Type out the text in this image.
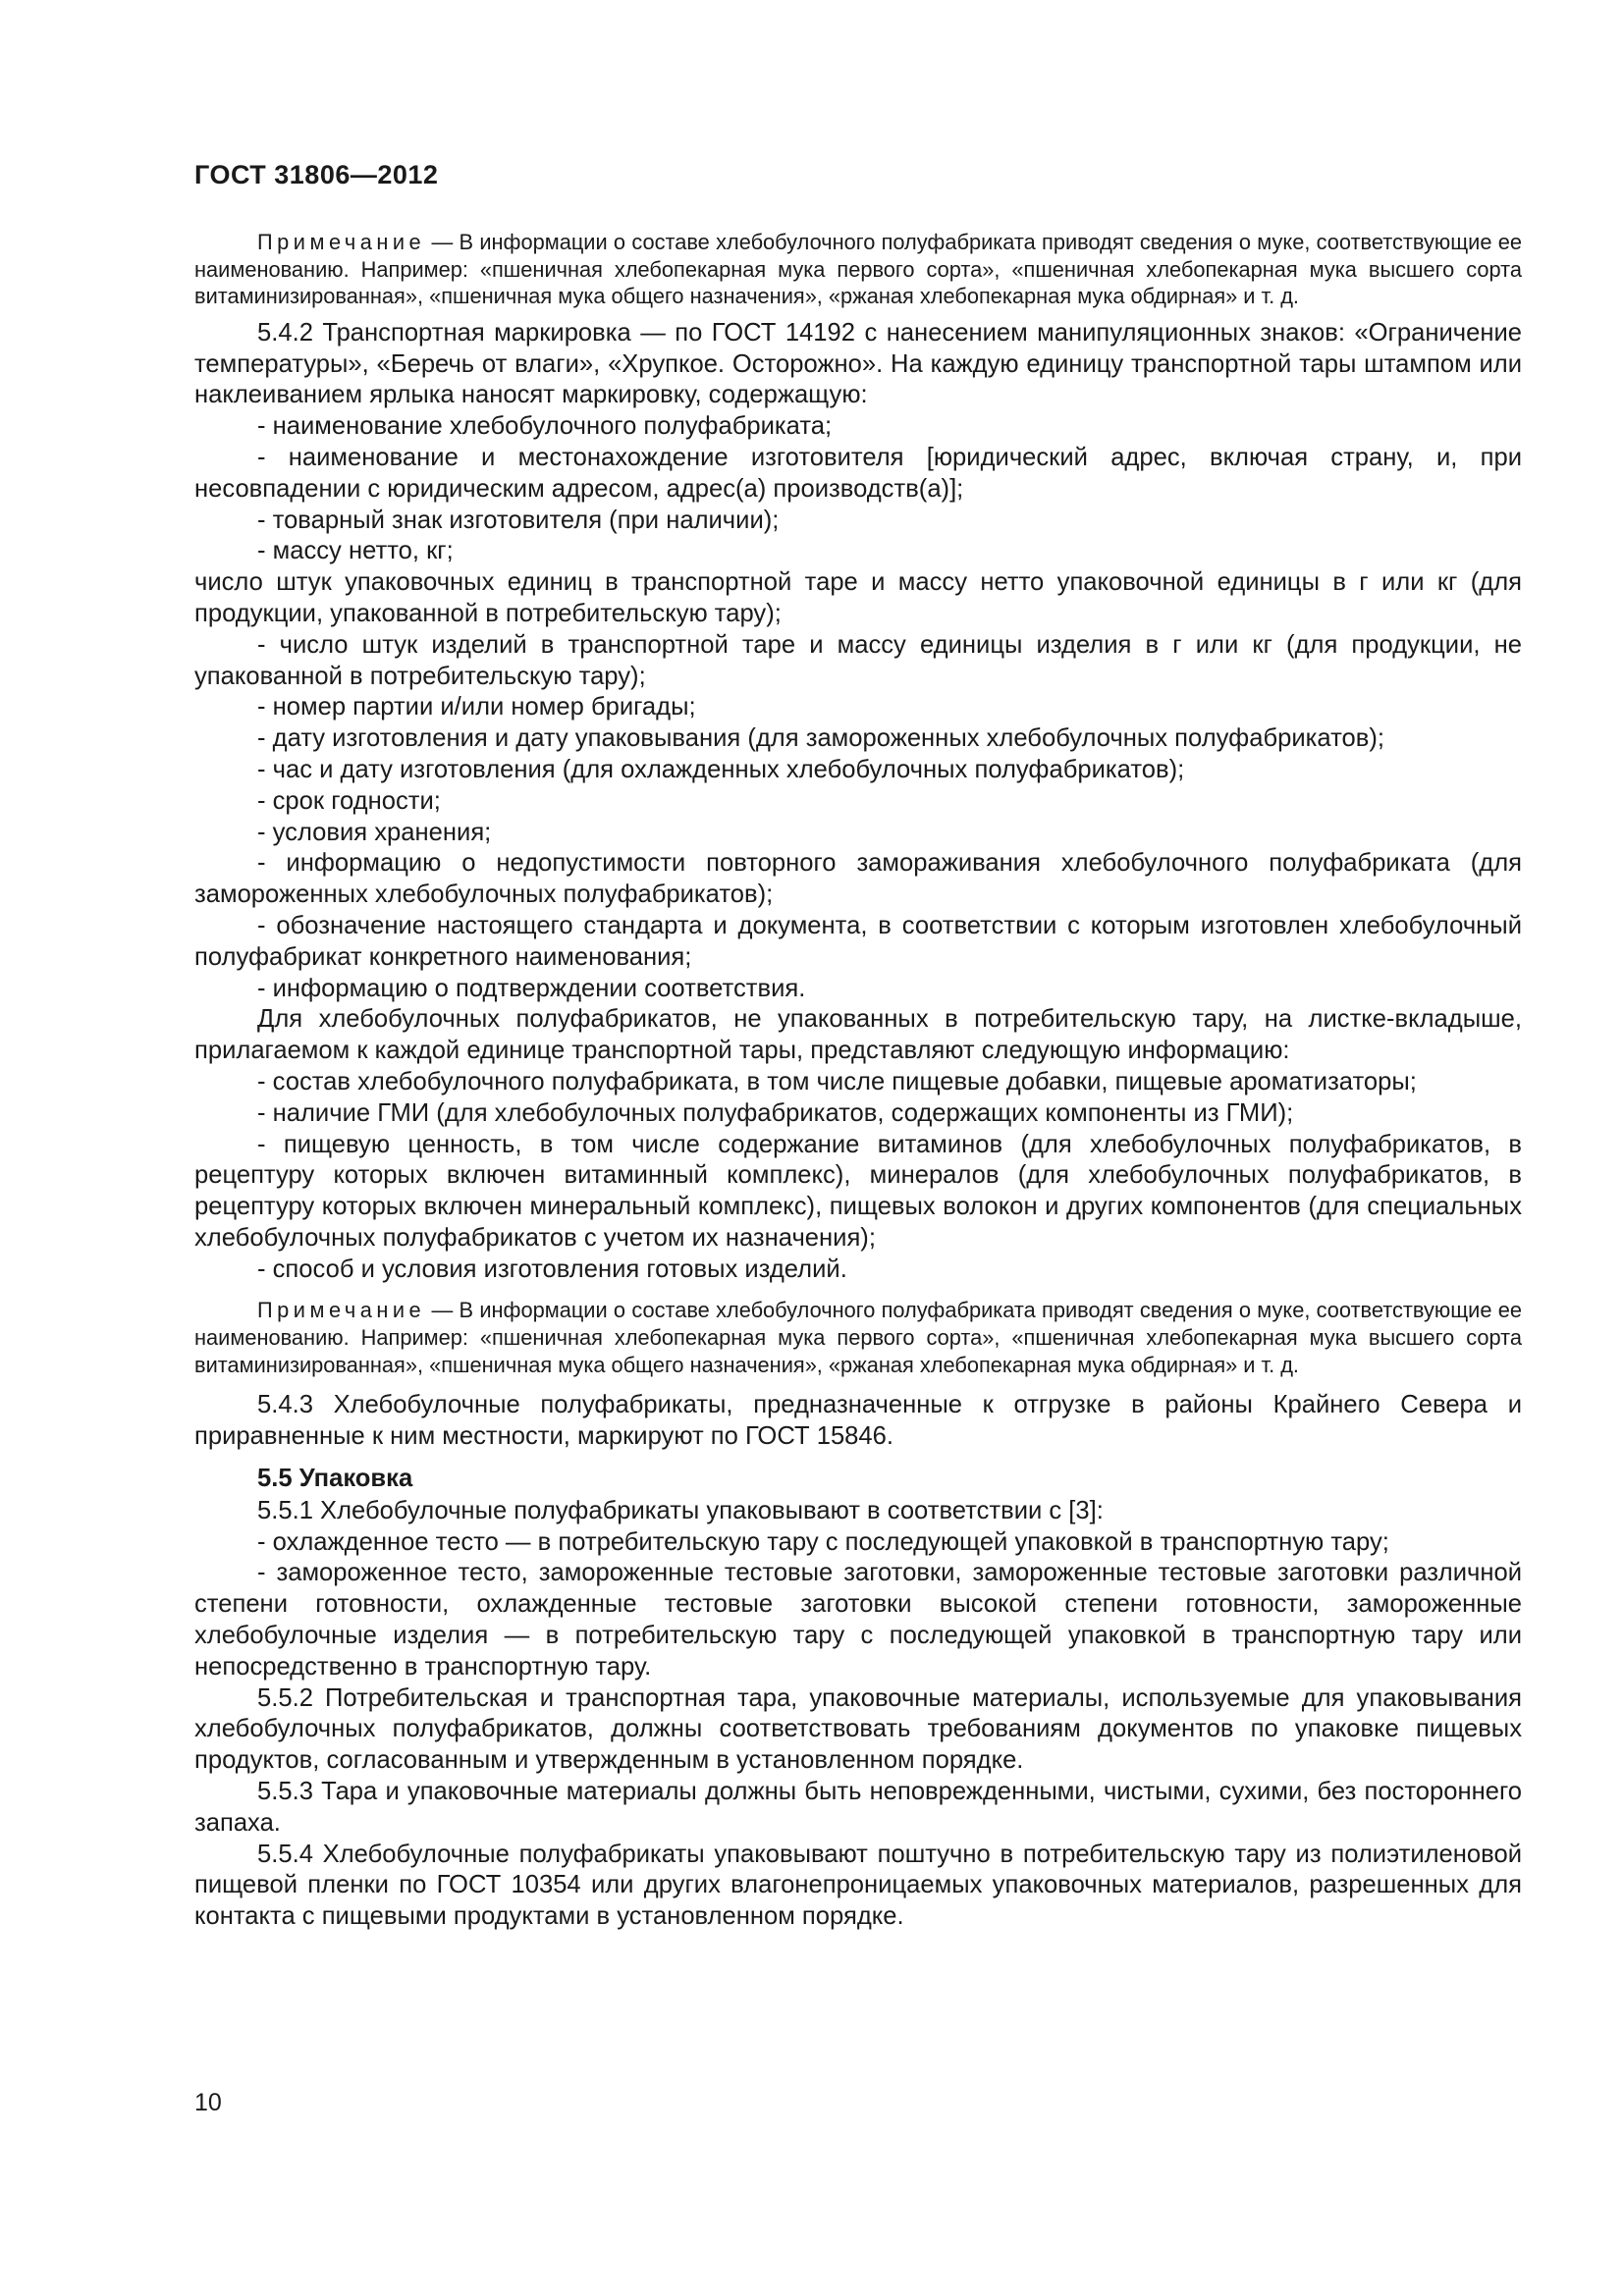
ГОСТ 31806—2012

Примечание — В информации о составе хлебобулочного полуфабриката приводят сведения о муке, соответствующие ее наименованию. Например: «пшеничная хлебопекарная мука первого сорта», «пшеничная хлебопекарная мука высшего сорта витаминизированная», «пшеничная мука общего назначения», «ржаная хлебопекарная мука обдирная» и т. д.

5.4.2 Транспортная маркировка — по ГОСТ 14192 с нанесением манипуляционных знаков: «Ограничение температуры», «Беречь от влаги», «Хрупкое. Осторожно». На каждую единицу транспортной тары штампом или наклеиванием ярлыка наносят маркировку, содержащую:

- наименование хлебобулочного полуфабриката;

- наименование и местонахождение изготовителя [юридический адрес, включая страну, и, при несовпадении с юридическим адресом, адрес(а) производств(а)];

- товарный знак изготовителя (при наличии);

- массу нетто, кг;

число штук упаковочных единиц в транспортной таре и массу нетто упаковочной единицы в г или кг (для продукции, упакованной в потребительскую тару);

- число штук изделий в транспортной таре и массу единицы изделия в г или кг (для продукции, не упакованной в потребительскую тару);

- номер партии и/или номер бригады;

- дату изготовления и дату упаковывания (для замороженных хлебобулочных полуфабрикатов);

- час и дату изготовления (для охлажденных хлебобулочных полуфабрикатов);

- срок годности;

- условия хранения;

- информацию о недопустимости повторного замораживания хлебобулочного полуфабриката (для замороженных хлебобулочных полуфабрикатов);

- обозначение настоящего стандарта и документа, в соответствии с которым изготовлен хлебобулочный полуфабрикат конкретного наименования;

- информацию о подтверждении соответствия.

Для хлебобулочных полуфабрикатов, не упакованных в потребительскую тару, на листке-вкладыше, прилагаемом к каждой единице транспортной тары, представляют следующую информацию:

- состав хлебобулочного полуфабриката, в том числе пищевые добавки, пищевые ароматизаторы;

- наличие ГМИ (для хлебобулочных полуфабрикатов, содержащих компоненты из ГМИ);

- пищевую ценность, в том числе содержание витаминов (для хлебобулочных полуфабрикатов, в рецептуру которых включен витаминный комплекс), минералов (для хлебобулочных полуфабрикатов, в рецептуру которых включен минеральный комплекс), пищевых волокон и других компонентов (для специальных хлебобулочных полуфабрикатов с учетом их назначения);

- способ и условия изготовления готовых изделий.

Примечание — В информации о составе хлебобулочного полуфабриката приводят сведения о муке, соответствующие ее наименованию. Например: «пшеничная хлебопекарная мука первого сорта», «пшеничная хлебопекарная мука высшего сорта витаминизированная», «пшеничная мука общего назначения», «ржаная хлебопекарная мука обдирная» и т. д.

5.4.3 Хлебобулочные полуфабрикаты, предназначенные к отгрузке в районы Крайнего Севера и приравненные к ним местности, маркируют по ГОСТ 15846.

5.5 Упаковка

5.5.1 Хлебобулочные полуфабрикаты упаковывают в соответствии с [3]:

- охлажденное тесто — в потребительскую тару с последующей упаковкой в транспортную тару;

- замороженное тесто, замороженные тестовые заготовки, замороженные тестовые заготовки различной степени готовности, охлажденные тестовые заготовки высокой степени готовности, замороженные хлебобулочные изделия — в потребительскую тару с последующей упаковкой в транспортную тару или непосредственно в транспортную тару.

5.5.2 Потребительская и транспортная тара, упаковочные материалы, используемые для упаковывания хлебобулочных полуфабрикатов, должны соответствовать требованиям документов по упаковке пищевых продуктов, согласованным и утвержденным в установленном порядке.

5.5.3 Тара и упаковочные материалы должны быть неповрежденными, чистыми, сухими, без постороннего запаха.

5.5.4 Хлебобулочные полуфабрикаты упаковывают поштучно в потребительскую тару из полиэтиленовой пищевой пленки по ГОСТ 10354 или других влагонепроницаемых упаковочных материалов, разрешенных для контакта с пищевыми продуктами в установленном порядке.

10
